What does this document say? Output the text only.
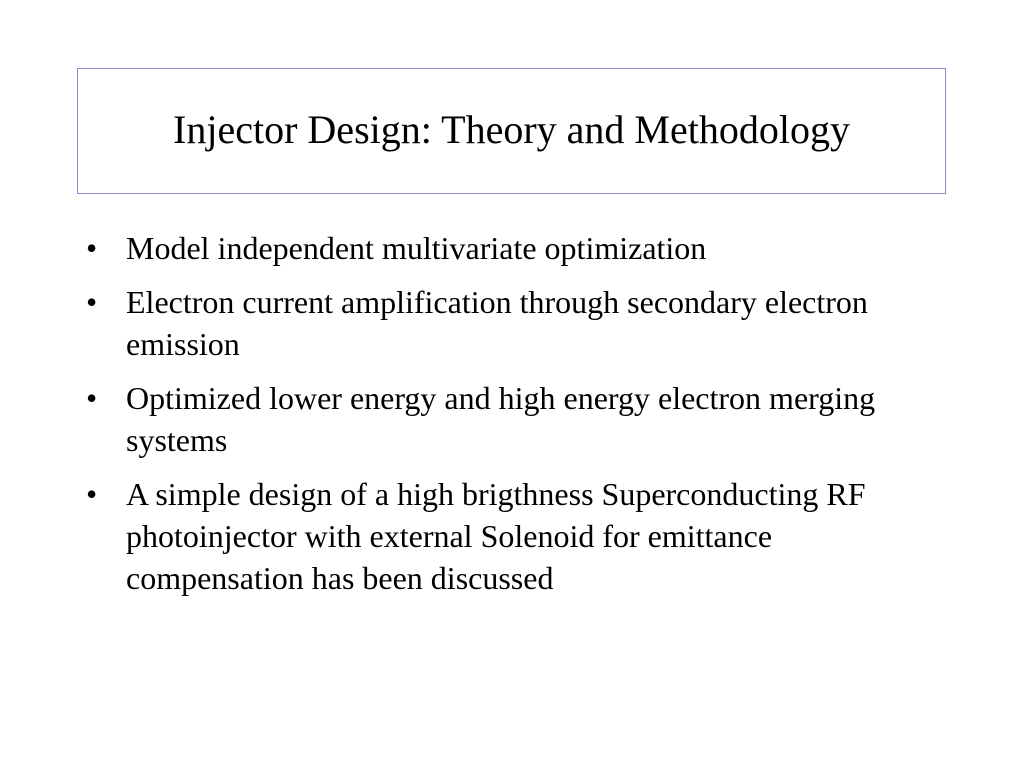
Injector Design: Theory and Methodology
• Model independent multivariate optimization
• Electron current amplification through secondary electron emission
• Optimized lower energy and high energy electron merging systems
• A simple design of a high brigthness Superconducting RF photoinjector with external Solenoid for emittance compensation has been discussed
